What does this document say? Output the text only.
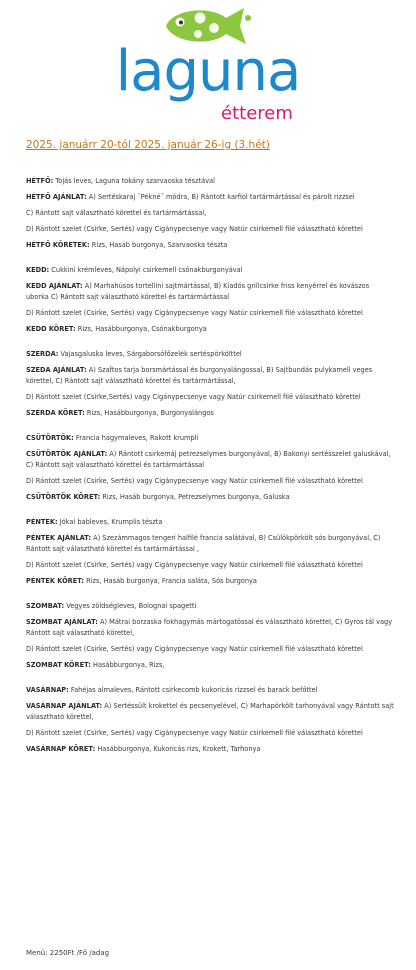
laguna
étterem
2025. januárr 20-tól 2025. január 26-ig (3.hét)
HÉTFŐ: Tojás leves, Laguna tokány szarvaoska tésztával
HÉTFŐ AJÁNLAT: A) Sertéskaraj ˝Pékné˝ módra, B) Rántott karfiol tartármártással és párolt rizzsel
C) Rántott sajt választható körettel és tartármártással,
D) Rántott szelet (Csirke, Sertés) vagy Cigánypecsenye vagy Natúr csirkemell filé választható körettel
HÉTFŐ KÖRETEK: Rizs, Hasáb burgonya, Szarvaoska tészta
KEDD: Cukkini krémleves, Nápolyi csirkemell csónakburgonyával
KEDD AJÁNLAT: A) Marhahúsos tortellini sajtmártással, B) Kiadós grillcsirke friss kenyérrel és kovászos uborka C) Rántott sajt választható körettel és tartármártással
D) Rántott szelet (Csirke, Sertés) vagy Cigánypecsenye vagy Natúr csirkemell filé választható körettel
KEDD KÖRET: Rizs, Hasábburgonya, Csónakburgonya
SZERDA: Vajasgaluska leves, Sárgaborsófőzelék sertéspörkölttel
SZEDA AJÁNLAT: A) Szaftos tarja borsmártással és burgonyalángossal, B) Sajtbundás pulykamell veges körettel, C) Rántott sajt választható körettel és tartármártással,
D) Rántott szelet (Csirke,Sertés) vagy Cigánypecsenye vagy Natúr csirkemell filé választható körettel
SZERDA KÖRET: Rizs, Hasábburgonya, Burgonyalángos
CSÜTÖRTÖK: Francia hagymaleves, Rakott krumpli
CSÜTÖRTÖK AJÁNLAT: A) Rántott csirkemáj petrezselymes burgonyával, B) Bakonyi sertésszelet galuskával, C) Rántott sajt választható körettel és tartármártással
D) Rántott szelet (Csirke, Sertés) vagy Cigánypecsenye vagy Natúr csirkemell filé választható körettel
CSÜTÖRTÖK KÖRET: Rizs, Hasáb burgonya, Petrezselymes burgonya, Galuska
PÉNTEK: Jókai bableves, Krumplis tészta
PÉNTEK AJÁNLAT: A) Szezámmagos tengeri halfilé francia salátával, B) Csülökpörkölt sós burgonyával, C) Rántott sajt választható körettel és tartármártással ,
D) Rántott szelet (Csirke, Sertés) vagy Cigánypecsenye vagy Natúr csirkemell filé választható körettel
PÉNTEK KÖRET: Rizs, Hasáb burgonya, Francia saláta, Sós burgonya
SZOMBAT: Vegyes zöldségleves, Bolognai spagetti
SZOMBAT AJÁNLAT: A) Mátrai borzaska fokhagymás mártogatóssal és választható körettel, C) Gyros tál vagy Rántott sajt választható körettel,
D) Rántott szelet (Csirke, Sertés) vagy Cigánypecsenye vagy Natúr csirkemell filé választható körettel
SZOMBAT KÖRET: Hasábburgonya, Rizs,
VASÁRNAP: Fahéjas almaleves, Rántott csirkecomb kukoricás rizzsel és barack befőttel
VASÁRNAP AJÁNLAT: A) Sertéssült krokettel és pecsenyelével, C) Marhapörkölt tarhonyával vagy Rántott sajt választható körettel,
D) Rántott szelet (Csirke, Sertés) vagy Cigánypecsenye vagy Natúr csirkemell filé választható körettel
VASÁRNAP KÖRET: Hasábburgonya, Kukoricás rizs, Krokett, Tarhonya
Menü: 2250Ft /Fő /adag
